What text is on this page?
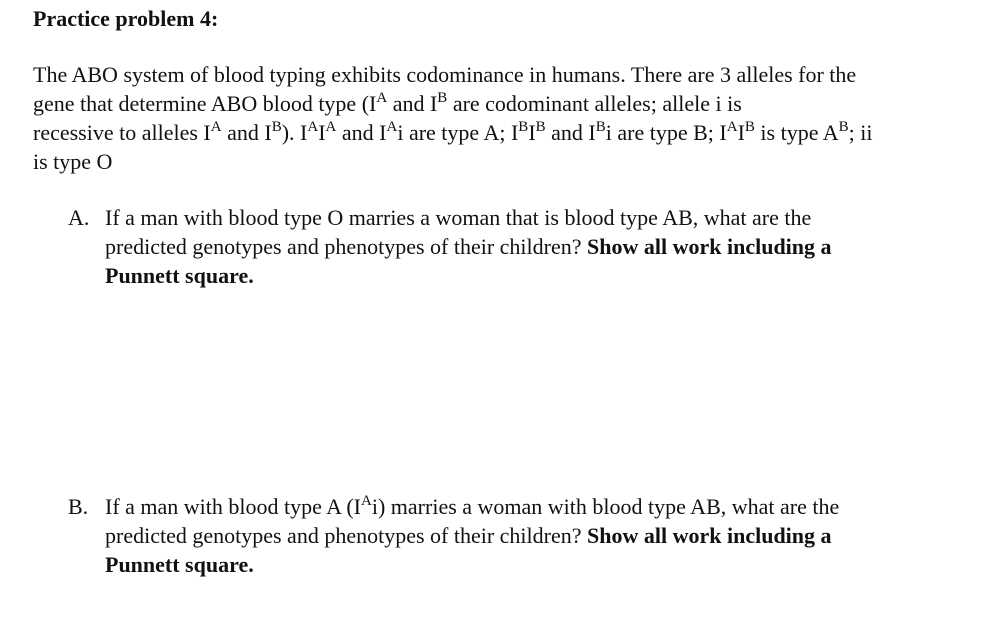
Practice problem 4:
The ABO system of blood typing exhibits codominance in humans. There are 3 alleles for the
gene that determine ABO blood type ($I^A$ and $I^B$ are codominant alleles; allele i is
recessive to alleles $I^A$ and $I^B$). $I^AI^A$ and $I^Ai$ are type A; $I^BI^B$ and $I^Bi$ are type B; $I^AI^B$ is type $A^B$; ii
is type O
A. If a man with blood type O marries a woman that is blood type AB, what are the
predicted genotypes and phenotypes of their children? Show all work including a
Punnett square.
B. If a man with blood type A $(I^Ai)$ marries a woman with blood type AB, what are the
predicted genotypes and phenotypes of their children? Show all work including a
Punnett square.
